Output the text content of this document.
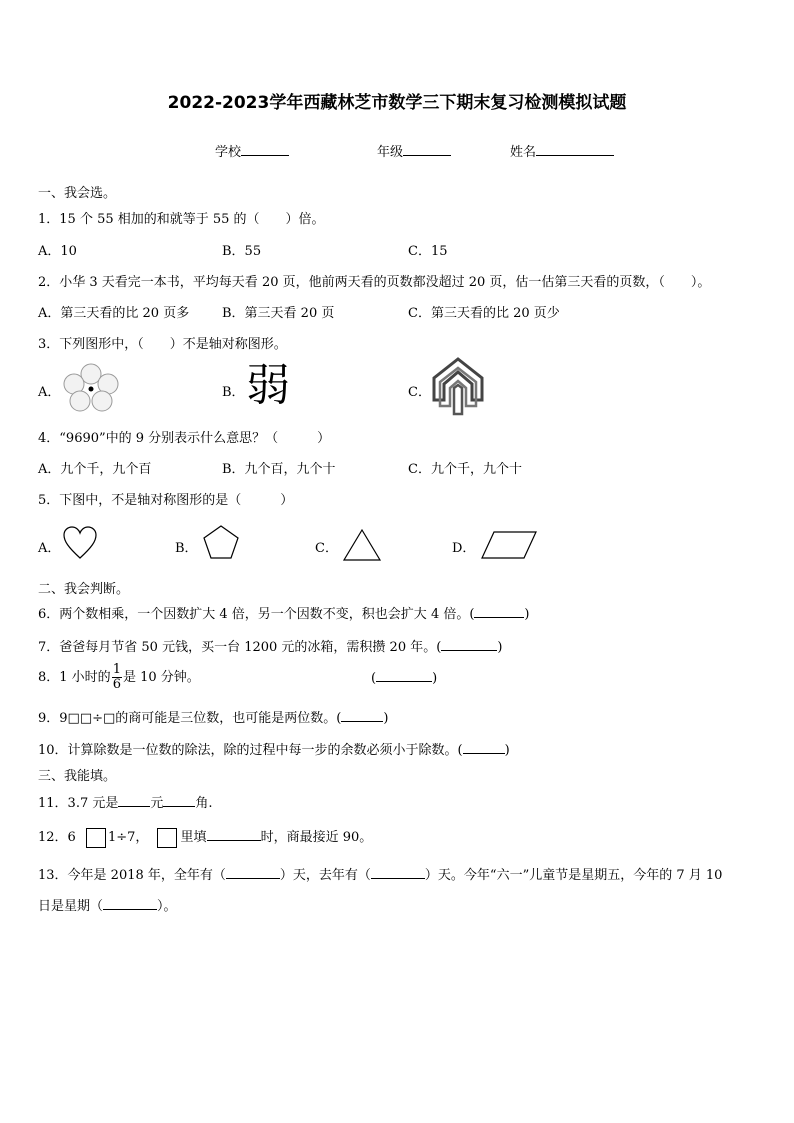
2022-2023学年西藏林芝市数学三下期末复习检测模拟试题
学校	年级	姓名
一、我会选。
1．15 个 55 相加的和就等于 55 的（　　）倍。
A．10	B．55	C．15
2．小华 3 天看完一本书，平均每天看 20 页，他前两天看的页数都没超过 20 页，估一估第三天看的页数，（　　）。
A．第三天看的比 20 页多	B．第三天看 20 页	C．第三天看的比 20 页少
3．下列图形中，（　　）不是轴对称图形。
A．	B． 弱	C．
4．“9690”中的 9 分别表示什么意思？（　　　）
A．九个千，九个百	B．九个百，九个十	C．九个千，九个十
5．下图中，不是轴对称图形的是（　　　）
A．	B．	C．	D．
二、我会判断。
6．两个数相乘，一个因数扩大 4 倍，另一个因数不变，积也会扩大 4 倍。(	)
7．爸爸每月节省 50 元钱，买一台 1200 元的冰箱，需积攒 20 年。(	)
8．1 小时的 $\frac{1}{6}$ 是 10 分钟。	(	)
9．9□□÷□的商可能是三位数，也可能是两位数。(	)
10．计算除数是一位数的除法，除的过程中每一步的余数必须小于除数。(	)
三、我能填。
11．3.7 元是 元 角.
12．6 1÷7， 里填	时，商最接近 90。
13．今年是 2018 年，全年有（	）天，去年有（	）天。今年“六一”儿童节是星期五，今年的 7 月 10
日是星期（	）。
